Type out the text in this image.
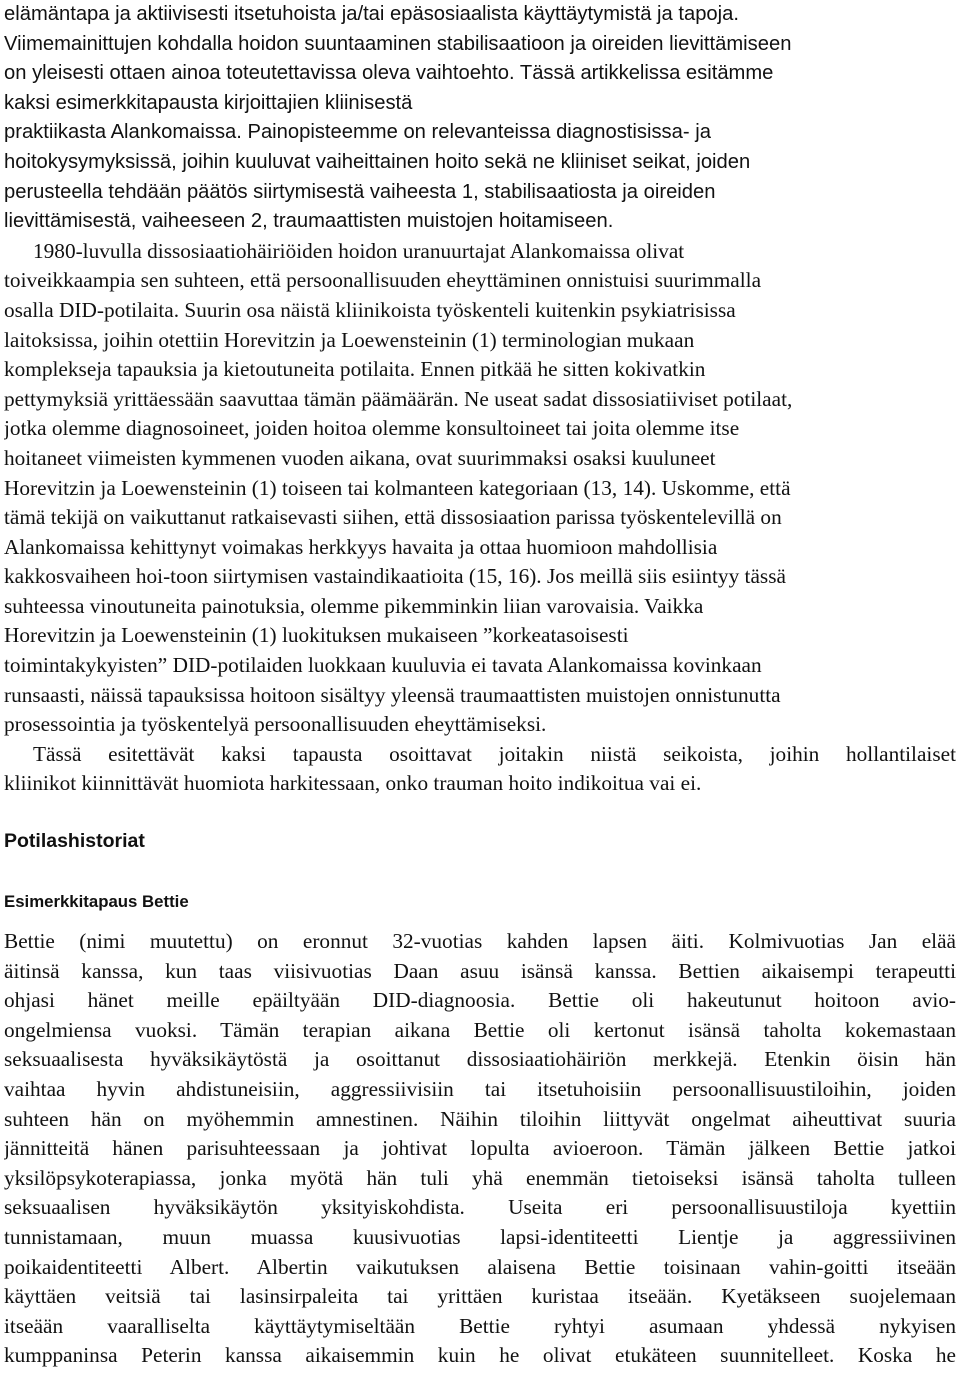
elämäntapa ja aktiivisesti itsetuhoista ja/tai epäsosiaalista käyttäytymistä ja tapoja.
Viimemainittujen kohdalla hoidon suuntaaminen stabilisaatioon ja oireiden lievittämiseen
on yleisesti ottaen ainoa toteutettavissa oleva vaihtoehto. Tässä artikkelissa esitämme
kaksi esimerkkitapausta kirjoittajien kliinisestä
praktiikasta Alankomaissa. Painopisteemme on relevanteissa diagnostisissa- ja
hoitokysymyksissä, joihin kuuluvat vaiheittainen hoito sekä ne kliiniset seikat, joiden
perusteella tehdään päätös siirtymisestä vaiheesta 1, stabilisaatiosta ja oireiden
lievittämisestä, vaiheeseen 2, traumaattisten muistojen hoitamiseen.
1980-luvulla dissosiaatiohäiriöiden hoidon uranuurtajat Alankomaissa olivat
toiveikkaampia sen suhteen, että persoonallisuuden eheyttäminen onnistuisi suurimmalla
osalla DID-potilaita. Suurin osa näistä kliinikoista työskenteli kuitenkin psykiatrisissa
laitoksissa, joihin otettiin Horevitzin ja Loewensteinin (1) terminologian mukaan
komplekseja tapauksia ja kietoutuneita potilaita. Ennen pitkää he sitten kokivatkin
pettymyksiä yrittäessään saavuttaa tämän päämäärän. Ne useat sadat dissosiatiiviset potilaat,
jotka olemme diagnosoineet, joiden hoitoa olemme konsultoineet tai joita olemme itse
hoitaneet viimeisten kymmenen vuoden aikana, ovat suurimmaksi osaksi kuuluneet
Horevitzin ja Loewensteinin (1) toiseen tai kolmanteen kategoriaan (13, 14). Uskomme, että
tämä tekijä on vaikuttanut ratkaisevasti siihen, että dissosiaation parissa työskentelevillä on
Alankomaissa kehittynyt voimakas herkkyys havaita ja ottaa huomioon mahdollisia
kakkosvaiheen hoi-toon siirtymisen vastaindikaatioita (15, 16). Jos meillä siis esiintyy tässä
suhteessa vinoutuneita painotuksia, olemme pikemminkin liian varovaisia. Vaikka
Horevitzin ja Loewensteinin (1) luokituksen mukaiseen ”korkeatasoisesti
toimintakykyisten” DID-potilaiden luokkaan kuuluvia ei tavata Alankomaissa kovinkaan
runsaasti, näissä tapauksissa hoitoon sisältyy yleensä traumaattisten muistojen onnistunutta
prosessointia ja työskentelyä persoonallisuuden eheyttämiseksi.
Tässä esitettävät kaksi tapausta osoittavat joitakin niistä seikoista, joihin hollantilaiset
kliinikot kiinnittävät huomiota harkitessaan, onko trauman hoito indikoitua vai ei.
Potilashistoriat
Esimerkkitapaus Bettie
Bettie (nimi muutettu) on eronnut 32-vuotias kahden lapsen äiti. Kolmivuotias Jan elää
äitinsä kanssa, kun taas viisivuotias Daan asuu isänsä kanssa. Bettien aikaisempi terapeutti
ohjasi hänet meille epäiltyään DID-diagnoosia. Bettie oli hakeutunut hoitoon avio-
ongelmiensa vuoksi. Tämän terapian aikana Bettie oli kertonut isänsä taholta kokemastaan
seksuaalisesta hyväksikäytöstä ja osoittanut dissosiaatiohäiriön merkkejä. Etenkin öisin hän
vaihtaa hyvin ahdistuneisiin, aggressiivisiin tai itsetuhoisiin persoonallisuustiloihin, joiden
suhteen hän on myöhemmin amnestinen. Näihin tiloihin liittyvät ongelmat aiheuttivat suuria
jännitteitä hänen parisuhteessaan ja johtivat lopulta avioeroon. Tämän jälkeen Bettie jatkoi
yksilöpsykoterapiassa, jonka myötä hän tuli yhä enemmän tietoiseksi isänsä taholta tulleen
seksuaalisen hyväksikäytön yksityiskohdista. Useita eri persoonallisuustiloja kyettiin
tunnistamaan, muun muassa kuusivuotias lapsi-identiteetti Lientje ja aggressiivinen
poikaidentiteetti Albert. Albertin vaikutuksen alaisena Bettie toisinaan vahin-goitti itseään
käyttäen veitsiä tai lasinsirpaleita tai yrittäen kuristaa itseään. Kyetäkseen suojelemaan
itseään vaaralliselta käyttäytymiseltään Bettie ryhtyi asumaan yhdessä nykyisen
kumppaninsa Peterin kanssa aikaisemmin kuin he olivat etukäteen suunnitelleet. Koska he
